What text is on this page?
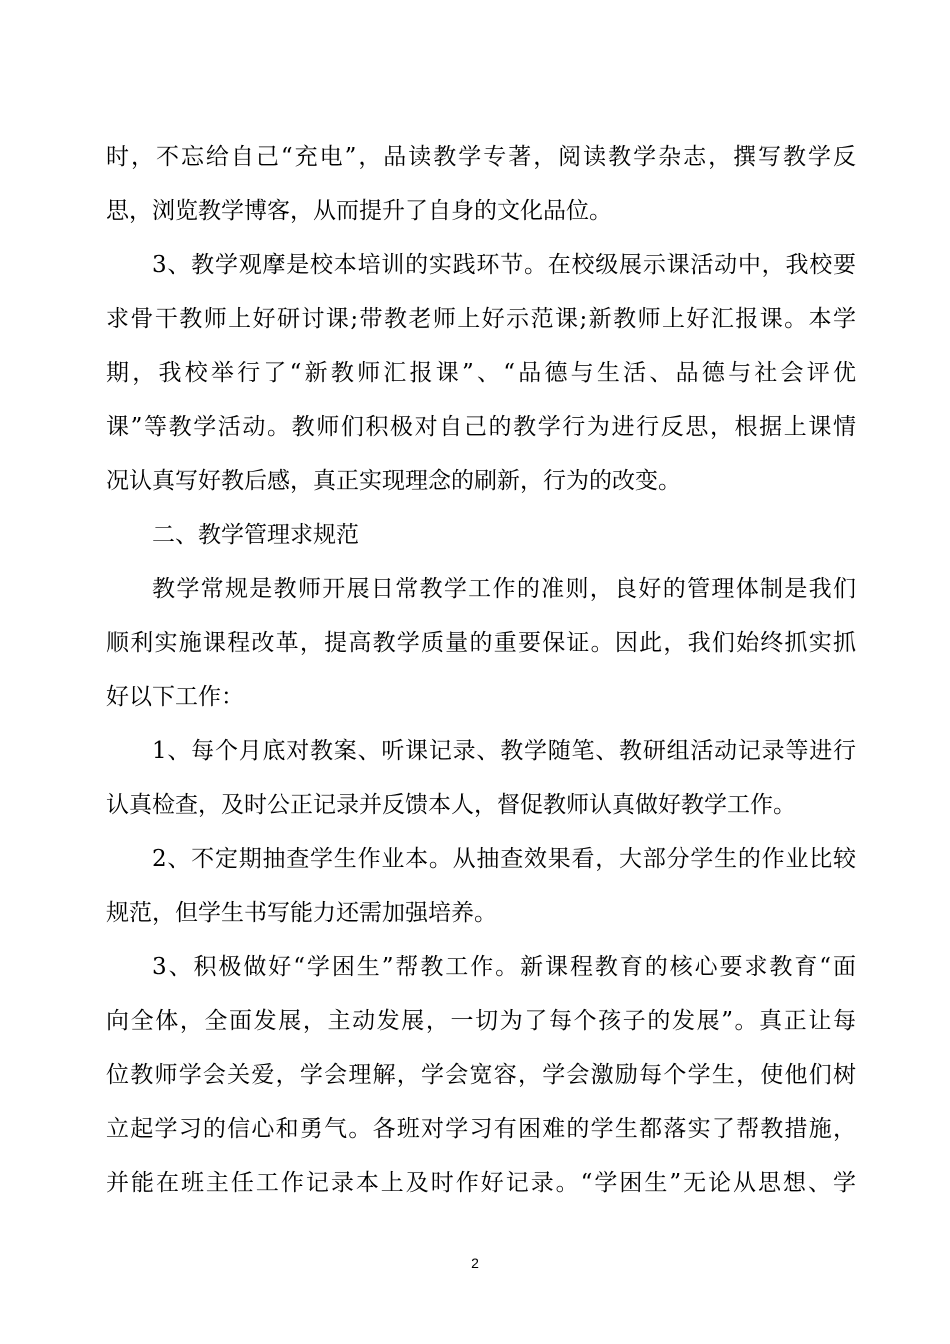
时，不忘给自己“充电”，品读教学专著，阅读教学杂志，撰写教学反
思，浏览教学博客，从而提升了自身的文化品位。
3、教学观摩是校本培训的实践环节。在校级展示课活动中，我校要
求骨干教师上好研讨课;带教老师上好示范课;新教师上好汇报课。本学
期，我校举行了“新教师汇报课”、“品德与生活、品德与社会评优
课”等教学活动。教师们积极对自己的教学行为进行反思，根据上课情
况认真写好教后感，真正实现理念的刷新，行为的改变。
二、教学管理求规范
教学常规是教师开展日常教学工作的准则，良好的管理体制是我们
顺利实施课程改革，提高教学质量的重要保证。因此，我们始终抓实抓
好以下工作：
1、每个月底对教案、听课记录、教学随笔、教研组活动记录等进行
认真检查，及时公正记录并反馈本人，督促教师认真做好教学工作。
2、不定期抽查学生作业本。从抽查效果看，大部分学生的作业比较
规范，但学生书写能力还需加强培养。
3、积极做好“学困生”帮教工作。新课程教育的核心要求教育“面
向全体，全面发展，主动发展，一切为了每个孩子的发展”。真正让每
位教师学会关爱，学会理解，学会宽容，学会激励每个学生，使他们树
立起学习的信心和勇气。各班对学习有困难的学生都落实了帮教措施，
并能在班主任工作记录本上及时作好记录。“学困生”无论从思想、学
2
